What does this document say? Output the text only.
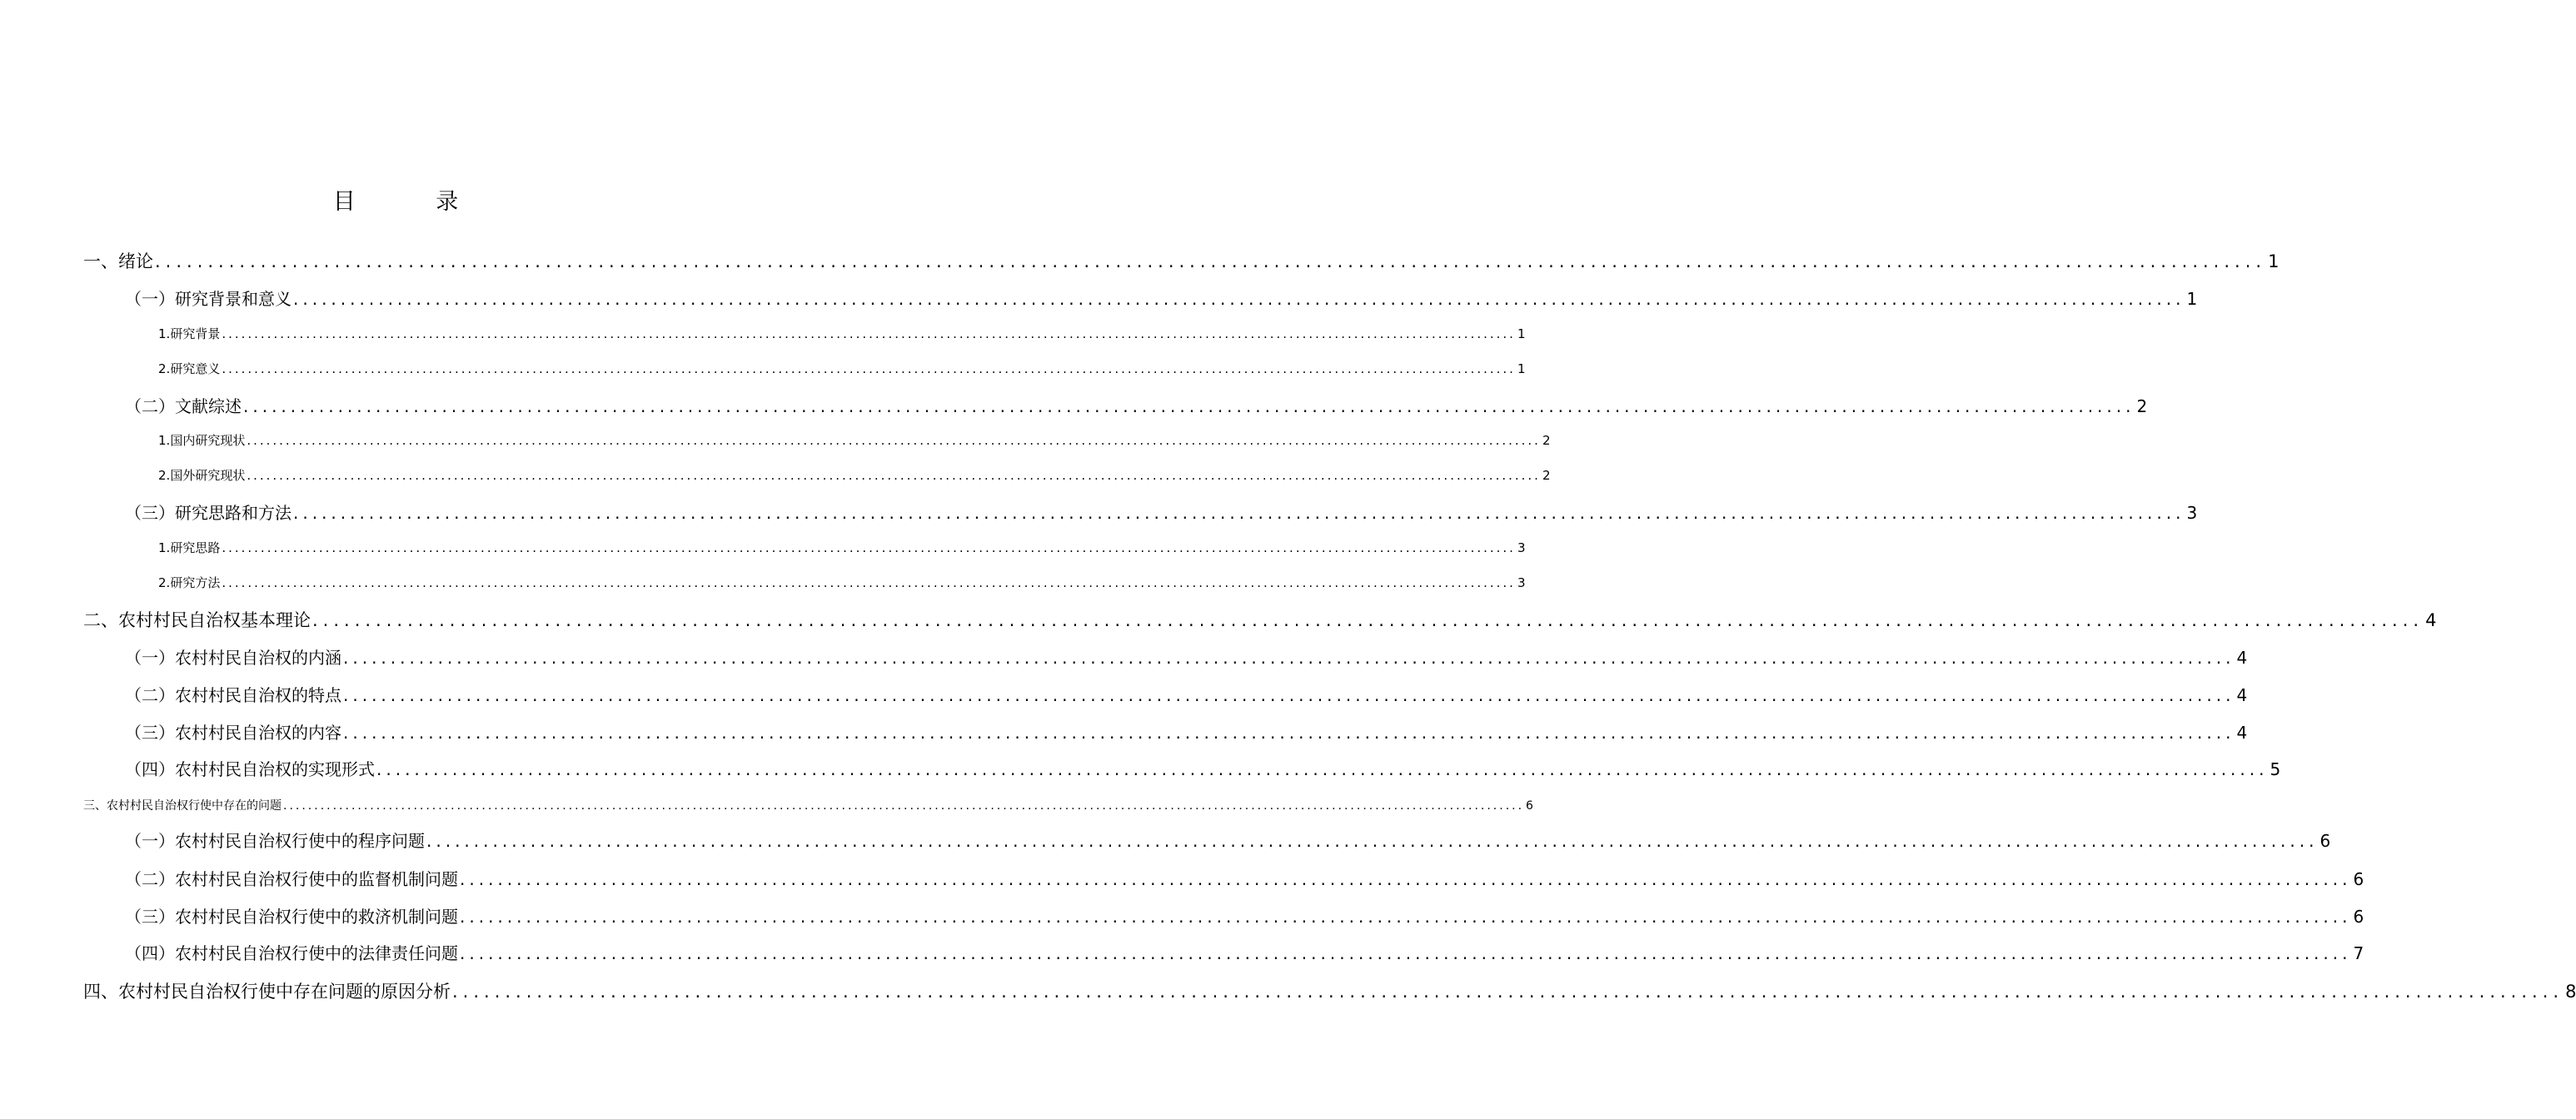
目 录
一、 绪论 ........................................................................................................................................................................................................ 1
（一） 研究背景和意义 ........................................................................................................................................................................................................ 1
1. 研究背景 ........................................................................................................................................................................................................ 1
2. 研究意义 ........................................................................................................................................................................................................ 1
（二） 文献综述 ........................................................................................................................................................................................................ 2
1. 国内研究现状 ........................................................................................................................................................................................................ 2
2. 国外研究现状 ........................................................................................................................................................................................................ 2
（三） 研究思路和方法 ........................................................................................................................................................................................................ 3
1. 研究思路 ........................................................................................................................................................................................................ 3
2. 研究方法 ........................................................................................................................................................................................................ 3
二、 农村村民自治权基本理论 ........................................................................................................................................................................................................ 4
（一） 农村村民自治权的内涵 ........................................................................................................................................................................................................ 4
（二） 农村村民自治权的特点 ........................................................................................................................................................................................................ 4
（三） 农村村民自治权的内容 ........................................................................................................................................................................................................ 4
（四） 农村村民自治权的实现形式 ........................................................................................................................................................................................................ 5
三、 农村村民自治权行使中存在的问题 ........................................................................................................................................................................................................ 6
（一） 农村村民自治权行使中的程序问题 ........................................................................................................................................................................................................ 6
（二） 农村村民自治权行使中的监督机制问题 ........................................................................................................................................................................................................ 6
（三） 农村村民自治权行使中的救济机制问题 ........................................................................................................................................................................................................ 6
（四） 农村村民自治权行使中的法律责任问题 ........................................................................................................................................................................................................ 7
四、 农村村民自治权行使中存在问题的原因分析 ........................................................................................................................................................................................................ 8
